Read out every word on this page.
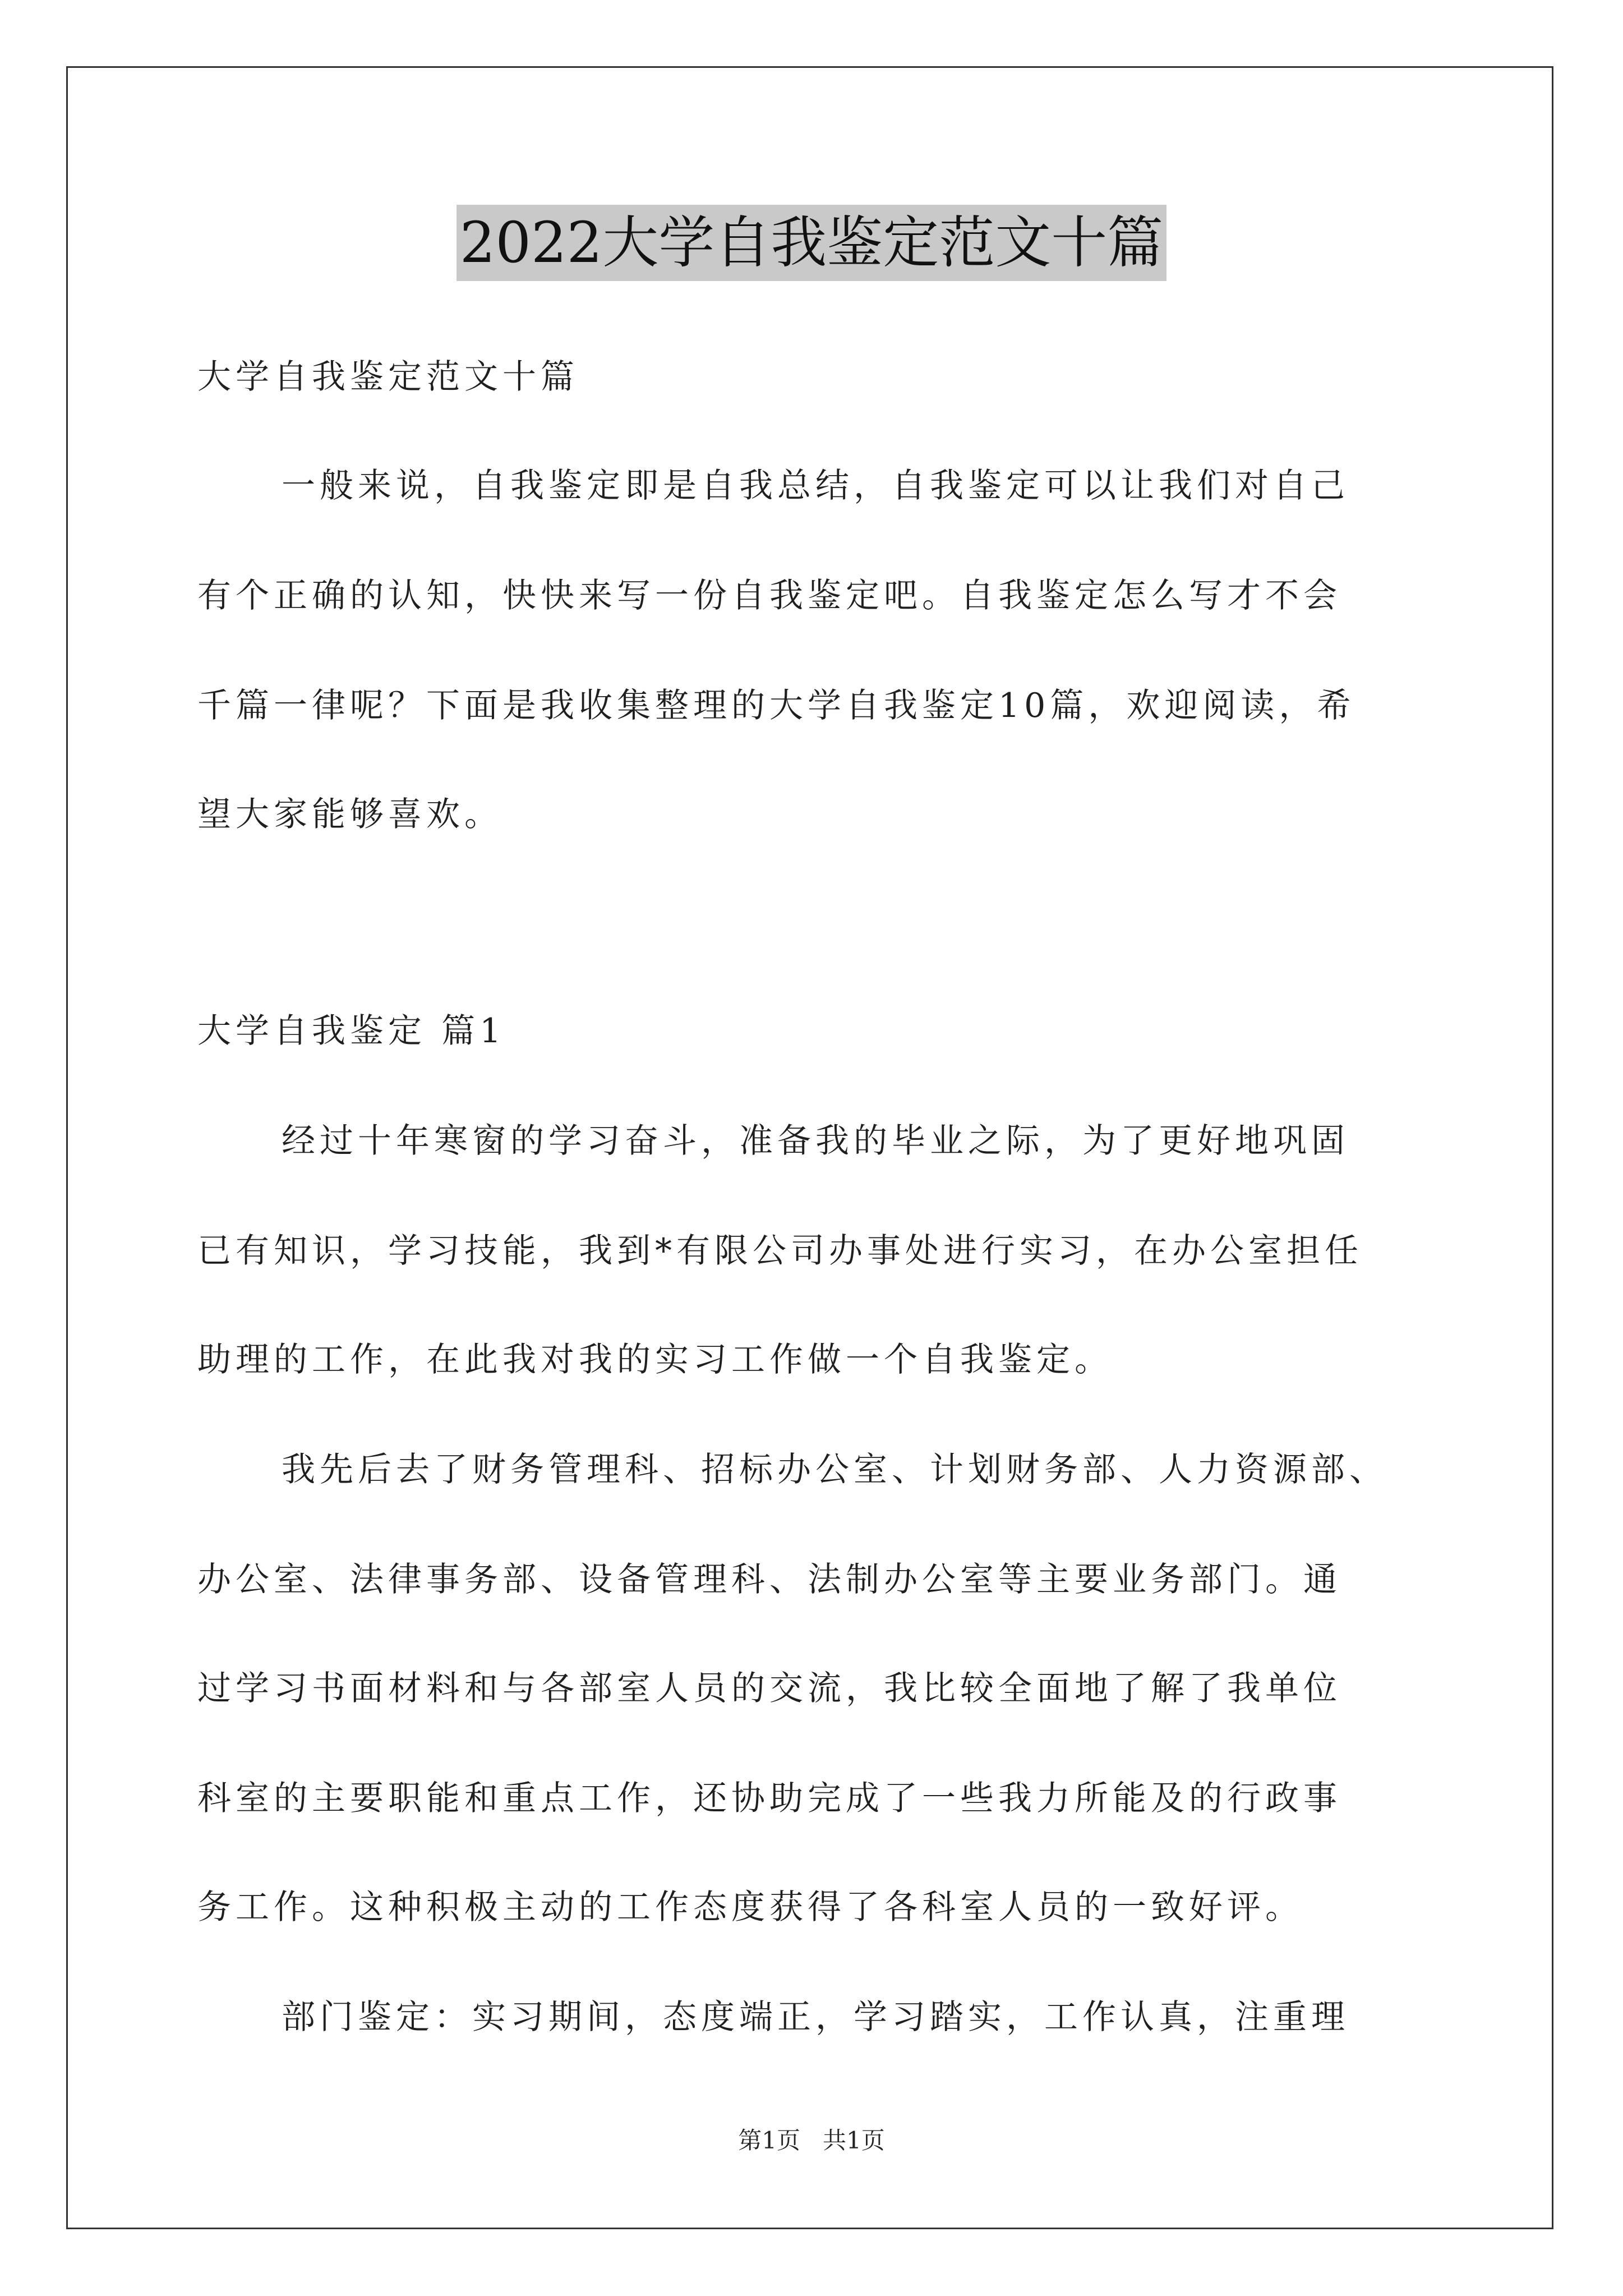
2022大学自我鉴定范文十篇
大学自我鉴定范文十篇
一般来说，自我鉴定即是自我总结，自我鉴定可以让我们对自己
有个正确的认知，快快来写一份自我鉴定吧。自我鉴定怎么写才不会
千篇一律呢？下面是我收集整理的大学自我鉴定10篇，欢迎阅读，希
望大家能够喜欢。
大学自我鉴定 篇1
经过十年寒窗的学习奋斗，准备我的毕业之际，为了更好地巩固
已有知识，学习技能，我到*有限公司办事处进行实习，在办公室担任
助理的工作，在此我对我的实习工作做一个自我鉴定。
我先后去了财务管理科、招标办公室、计划财务部、人力资源部、
办公室、法律事务部、设备管理科、法制办公室等主要业务部门。通
过学习书面材料和与各部室人员的交流，我比较全面地了解了我单位
科室的主要职能和重点工作，还协助完成了一些我力所能及的行政事
务工作。这种积极主动的工作态度获得了各科室人员的一致好评。
部门鉴定：实习期间，态度端正，学习踏实，工作认真，注重理
第1页   共1页
